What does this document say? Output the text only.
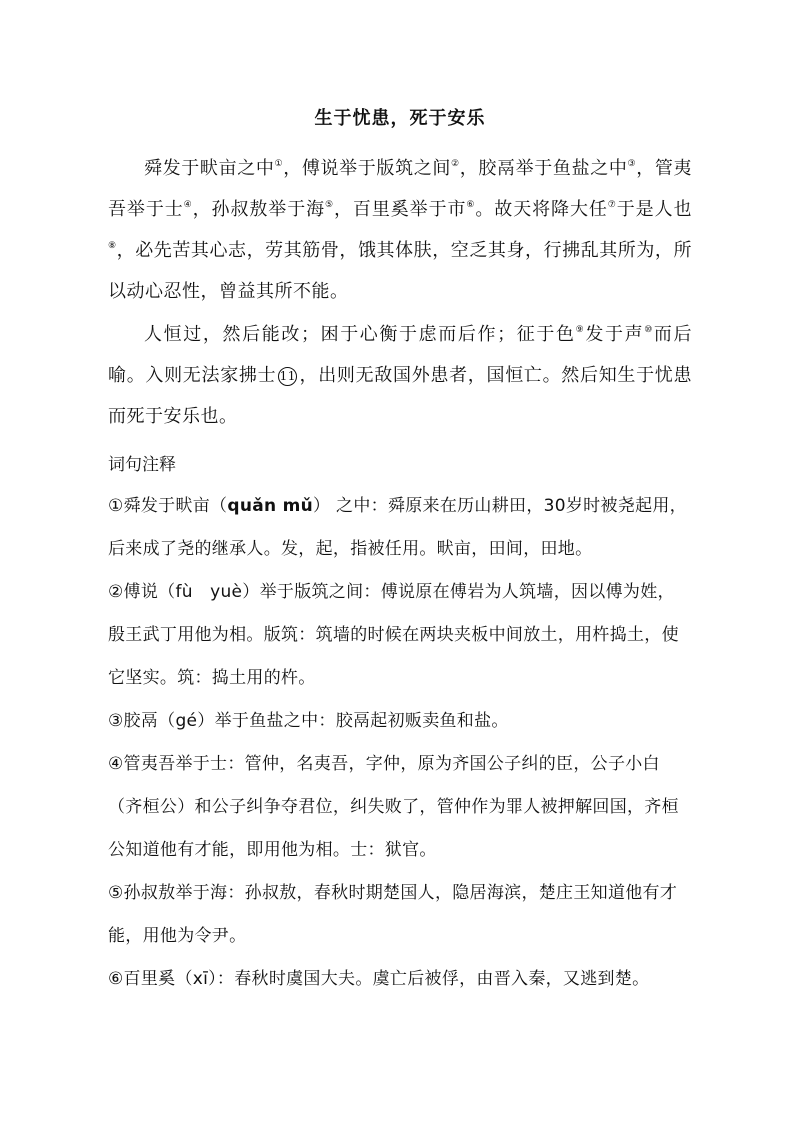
生于忧患，死于安乐

舜发于畎亩之中①，傅说举于版筑之间②，胶鬲举于鱼盐之中③，管夷吾举于士④，孙叔敖举于海⑤，百里奚举于市⑥。故天将降大任⑦于是人也⑧，必先苦其心志，劳其筋骨，饿其体肤，空乏其身，行拂乱其所为，所以动心忍性，曾益其所不能。

人恒过，然后能改；困于心衡于虑而后作；征于色⑨发于声⑩而后喻。入则无法家拂士 11 ，出则无敌国外患者，国恒亡。然后知生于忧患而死于安乐也。

词句注释

①舜发于畎亩（quǎn mǔ） 之中：舜原来在历山耕田，30岁时被尧起用，后来成了尧的继承人。发，起，指被任用。畎亩，田间，田地。

②傅说（fù　yuè）举于版筑之间：傅说原在傅岩为人筑墙，因以傅为姓，殷王武丁用他为相。版筑：筑墙的时候在两块夹板中间放土，用杵捣土，使它坚实。筑：捣土用的杵。

③胶鬲（gé）举于鱼盐之中：胶鬲起初贩卖鱼和盐。

④管夷吾举于士：管仲，名夷吾，字仲，原为齐国公子纠的臣，公子小白（齐桓公）和公子纠争夺君位，纠失败了，管仲作为罪人被押解回国，齐桓公知道他有才能，即用他为相。士：狱官。

⑤孙叔敖举于海：孙叔敖，春秋时期楚国人，隐居海滨，楚庄王知道他有才能，用他为令尹。

⑥百里奚（xī）：春秋时虞国大夫。虞亡后被俘，由晋入秦，又逃到楚。
